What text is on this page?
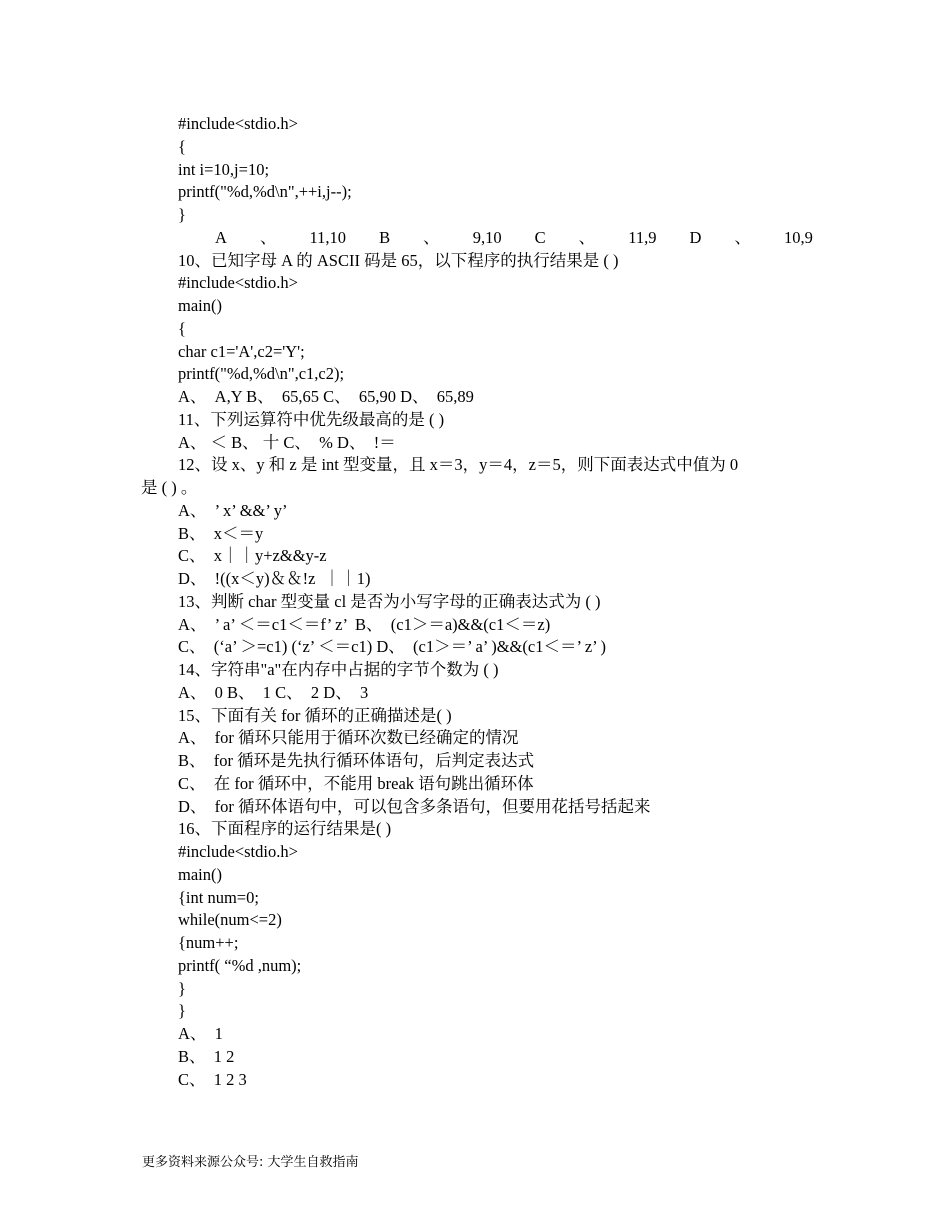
#include<stdio.h>
{
int i=10,j=10;
printf("%d,%d\n",++i,j--);
}
A 、 11,10 B 、 9,10 C 、 11,9 D 、 10,9
10、已知字母 A 的 ASCII 码是 65，以下程序的执行结果是 ( )
#include<stdio.h>
main()
{
char c1='A',c2='Y';
printf("%d,%d\n",c1,c2);
A、  A,Y B、  65,65 C、  65,90 D、  65,89
11、下列运算符中优先级最高的是 ( )
A、 ＜ B、 十 C、  % D、  !＝
12、设 x、y 和 z 是 int 型变量，且 x＝3，y＝4，z＝5，则下面表达式中值为 0
是 ( ) 。
A、  ’ x’ &&’ y’
B、  x＜＝y
C、  x｜｜y+z&&y-z
D、  !((x＜y)＆＆!z  ｜｜1)
13、判断 char 型变量 cl 是否为小写字母的正确表达式为 ( )
A、  ’ a’ ＜＝c1＜＝f’ z’  B、  (c1＞＝a)&&(c1＜＝z)
C、  (‘a’ ＞=c1) (‘z’ ＜＝c1) D、  (c1＞＝’ a’ )&&(c1＜＝’ z’ )
14、字符串"a"在内存中占据的字节个数为 ( )
A、  0 B、  1 C、  2 D、  3
15、下面有关 for 循环的正确描述是( )
A、  for 循环只能用于循环次数已经确定的情况
B、  for 循环是先执行循环体语句，后判定表达式
C、  在 for 循环中，不能用 break 语句跳出循环体
D、  for 循环体语句中，可以包含多条语句，但要用花括号括起来
16、下面程序的运行结果是( )
#include<stdio.h>
main()
{int num=0;
while(num<=2)
{num++;
printf( “%d ,num);
}
}
A、  1
B、  1 2
C、  1 2 3
更多资料来源公众号: 大学生自救指南
